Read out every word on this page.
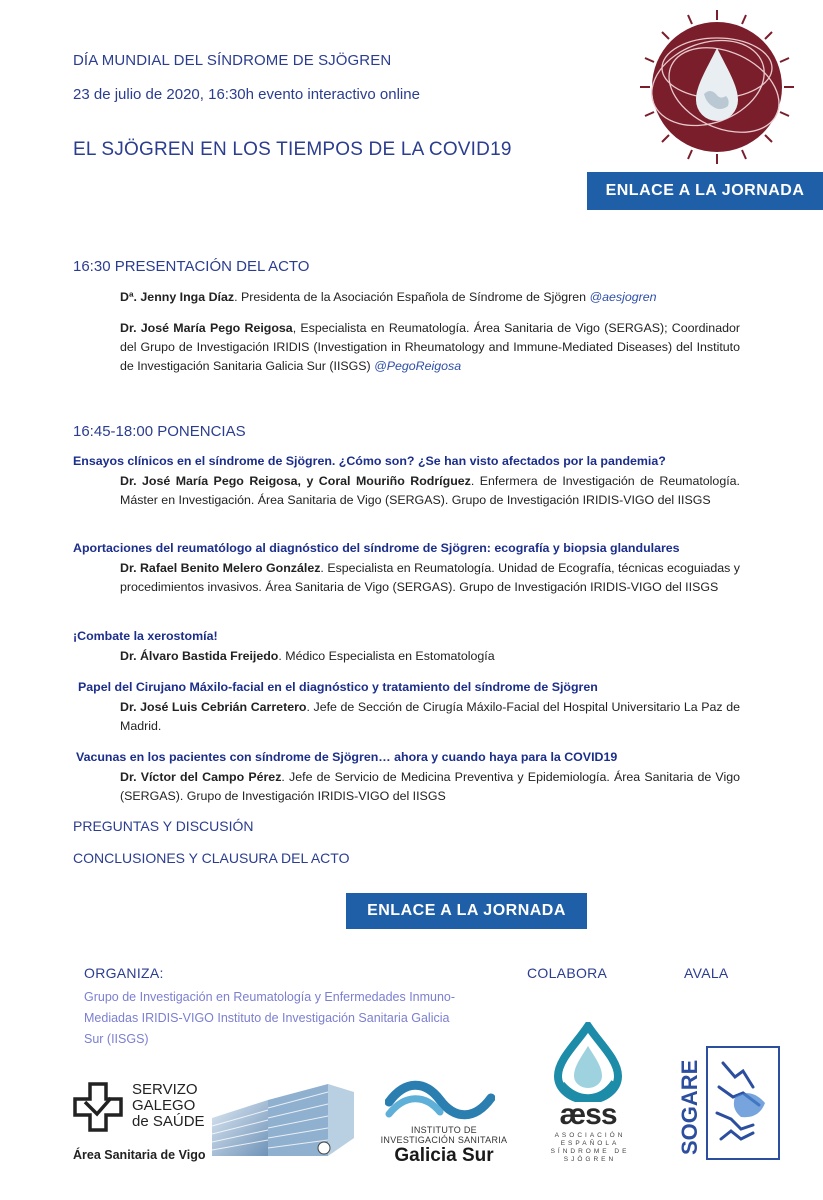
DÍA MUNDIAL DEL SÍNDROME DE SJÖGREN
23 de julio de 2020, 16:30h evento interactivo online
EL SJÖGREN EN LOS TIEMPOS DE LA COVID19
ENLACE A LA JORNADA
16:30 PRESENTACIÓN DEL ACTO
Dª. Jenny Inga Díaz. Presidenta de la Asociación Española de Síndrome de Sjögren @aesjogren
Dr. José María Pego Reigosa, Especialista en Reumatología. Área Sanitaria de Vigo (SERGAS); Coordinador del Grupo de Investigación IRIDIS (Investigation in Rheumatology and Immune-Mediated Diseases) del Instituto de Investigación Sanitaria Galicia Sur (IISGS) @PegoReigosa
16:45-18:00 PONENCIAS
Ensayos clínicos en el síndrome de Sjögren. ¿Cómo son? ¿Se han visto afectados por la pandemia?
Dr. José María Pego Reigosa, y Coral Mouriño Rodríguez. Enfermera de Investigación de Reumatología. Máster en Investigación. Área Sanitaria de Vigo (SERGAS). Grupo de Investigación IRIDIS-VIGO del IISGS
Aportaciones del reumatólogo al diagnóstico del síndrome de Sjögren: ecografía y biopsia glandulares
Dr. Rafael Benito Melero González. Especialista en Reumatología. Unidad de Ecografía, técnicas ecoguiadas y procedimientos invasivos. Área Sanitaria de Vigo (SERGAS). Grupo de Investigación IRIDIS-VIGO del IISGS
¡Combate la xerostomía!
Dr. Álvaro Bastida Freijedo. Médico Especialista en Estomatología
Papel del Cirujano Máxilo-facial en el diagnóstico y tratamiento del síndrome de Sjögren
Dr. José Luis Cebrián Carretero. Jefe de Sección de Cirugía Máxilo-Facial del Hospital Universitario La Paz de Madrid.
Vacunas en los pacientes con síndrome de Sjögren… ahora y cuando haya para la COVID19
Dr. Víctor del Campo Pérez. Jefe de Servicio de Medicina Preventiva y Epidemiología. Área Sanitaria de Vigo (SERGAS). Grupo de Investigación IRIDIS-VIGO del IISGS
PREGUNTAS Y DISCUSIÓN
CONCLUSIONES Y CLAUSURA DEL ACTO
ENLACE A LA JORNADA
ORGANIZA:
Grupo de Investigación en Reumatología y Enfermedades Inmuno-Mediadas IRIDIS-VIGO Instituto de Investigación Sanitaria Galicia Sur (IISGS)
COLABORA	AVALA
SERVIZO
GALEGO
de SAÚDE
Área Sanitaria de Vigo
INSTITUTO DE
INVESTIGACIÓN SANITARIA
Galicia Sur
æss
ASOCIACIÓN ESPAÑOLA SÍNDROME DE SJÖGREN
SOGARE
